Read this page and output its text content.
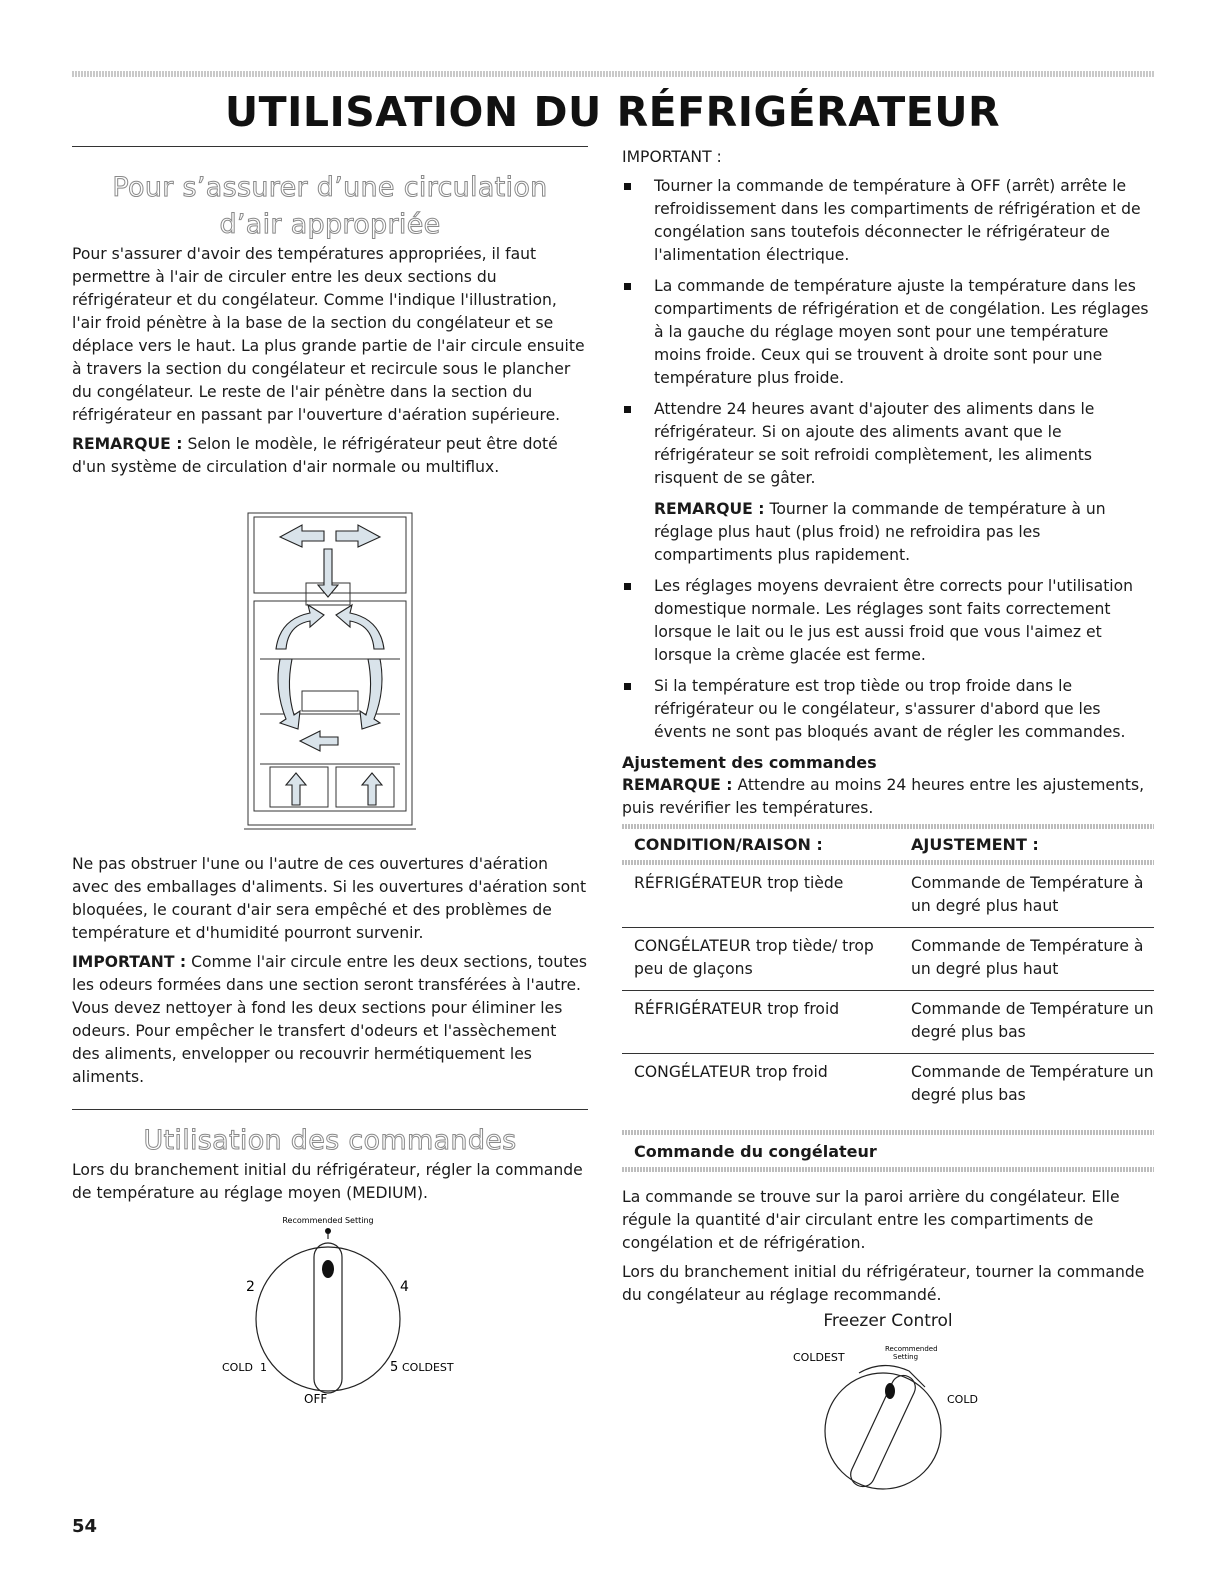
UTILISATION DU RÉFRIGÉRATEUR
Pour s’assurer d’une circulation
d’air appropriée

Pour s'assurer d'avoir des températures appropriées, il faut permettre à l'air de circuler entre les deux sections du réfrigérateur et du congélateur. Comme l'indique l'illustration, l'air froid pénètre à la base de la section du congélateur et se déplace vers le haut. La plus grande partie de l'air circule ensuite à travers la section du congélateur et recircule sous le plancher du congélateur. Le reste de l'air pénètre dans la section du réfrigérateur en passant par l'ouverture d'aération supérieure.

REMARQUE : Selon le modèle, le réfrigérateur peut être doté d'un système de circulation d'air normale ou multiflux.

Ne pas obstruer l'une ou l'autre de ces ouvertures d'aération avec des emballages d'aliments. Si les ouvertures d'aération sont bloquées, le courant d'air sera empêché et des problèmes de température et d'humidité pourront survenir.

IMPORTANT : Comme l'air circule entre les deux sections, toutes les odeurs formées dans une section seront transférées à l'autre. Vous devez nettoyer à fond les deux sections pour éliminer les odeurs. Pour empêcher le transfert d'odeurs et l'assèchement des aliments, envelopper ou recouvrir hermétiquement les aliments.

Utilisation des commandes

Lors du branchement initial du réfrigérateur, régler la commande de température au réglage moyen (MEDIUM).

Recommended Setting
2	4
COLD 1	5 COLDEST
OFF
IMPORTANT :
Tourner la commande de température à OFF (arrêt) arrête le refroidissement dans les compartiments de réfrigération et de congélation sans toutefois déconnecter le réfrigérateur de l'alimentation électrique.
La commande de température ajuste la température dans les compartiments de réfrigération et de congélation. Les réglages à la gauche du réglage moyen sont pour une température moins froide. Ceux qui se trouvent à droite sont pour une température plus froide.
Attendre 24 heures avant d'ajouter des aliments dans le réfrigérateur. Si on ajoute des aliments avant que le réfrigérateur se soit refroidi complètement, les aliments risquent de se gâter.
REMARQUE : Tourner la commande de température à un réglage plus haut (plus froid) ne refroidira pas les compartiments plus rapidement.
Les réglages moyens devraient être corrects pour l'utilisation domestique normale. Les réglages sont faits correctement lorsque le lait ou le jus est aussi froid que vous l'aimez et lorsque la crème glacée est ferme.
Si la température est trop tiède ou trop froide dans le réfrigérateur ou le congélateur, s'assurer d'abord que les évents ne sont pas bloqués avant de régler les commandes.
Ajustement des commandes

REMARQUE : Attendre au moins 24 heures entre les ajustements, puis revérifier les températures.

CONDITION/RAISON :	AJUSTEMENT :

RÉFRIGÉRATEUR trop tiède	Commande de Température à un degré plus haut
CONGÉLATEUR trop tiède/ trop peu de glaçons	Commande de Température à un degré plus haut
RÉFRIGÉRATEUR trop froid	Commande de Température un degré plus bas
CONGÉLATEUR trop froid	Commande de Température un degré plus bas
Commande du congélateur

La commande se trouve sur la paroi arrière du congélateur. Elle régule la quantité d'air circulant entre les compartiments de congélation et de réfrigération.

Lors du branchement initial du réfrigérateur, tourner la commande du congélateur au réglage recommandé.

Freezer Control
COLDEST
Recommended
Setting
COLD
54
